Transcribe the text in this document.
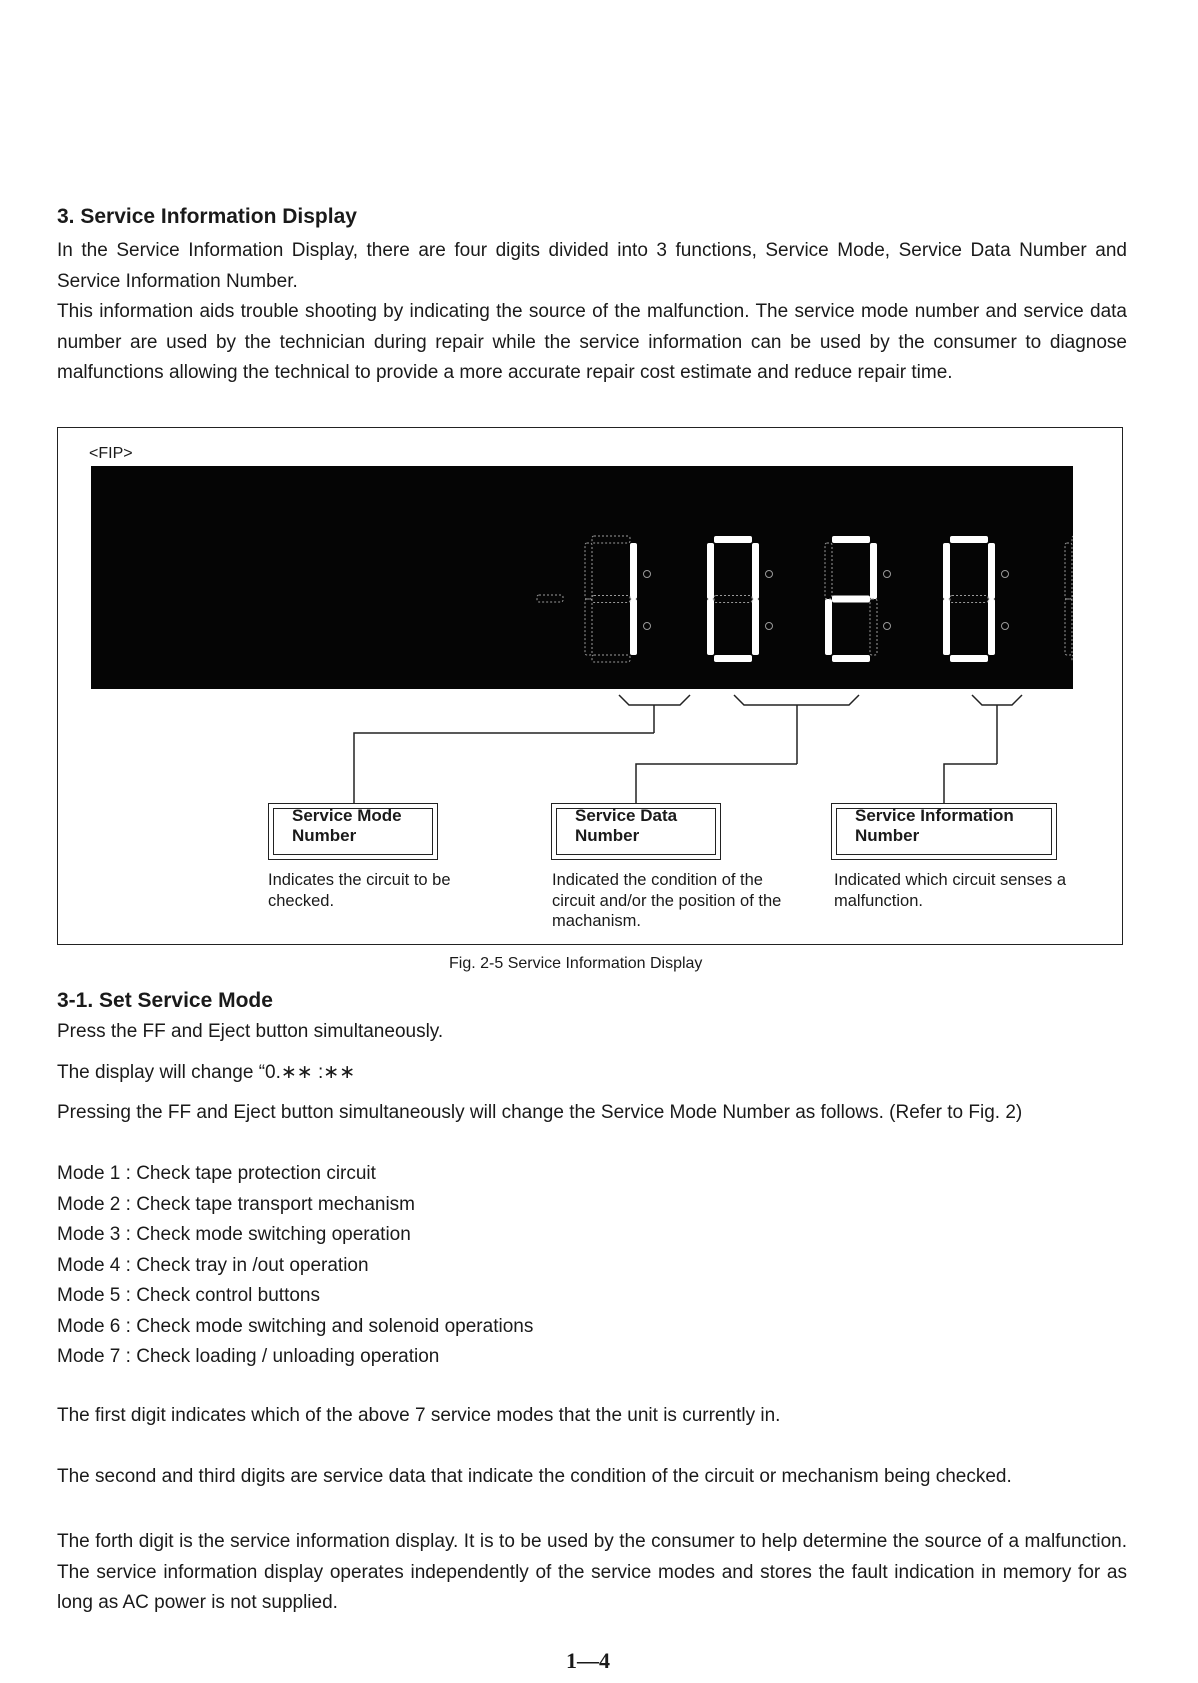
3. Service Information Display

In the Service Information Display, there are four digits divided into 3 functions, Service Mode, Service Data Number and Service Information Number.

This information aids trouble shooting by indicating the source of the malfunction. The service mode number and service data number are used by the technician during repair while the service information can be used by the consumer to diagnose malfunctions allowing the technical to provide a more accurate repair cost estimate and reduce repair time.

<FIP>
Service Mode Number
Indicates the circuit to be checked.
Service Data Number
Indicated the condition of the circuit and/or the position of the machanism.
Service Information Number
Indicated which circuit senses a malfunction.
Fig. 2-5 Service Information Display
3-1. Set Service Mode

Press the FF and Eject button simultaneously.

The display will change “0.∗∗ :∗∗

Pressing the FF and Eject button simultaneously will change the Service Mode Number as follows. (Refer to Fig. 2)

Mode 1 : Check tape protection circuit
Mode 2 : Check tape transport mechanism
Mode 3 : Check mode switching operation
Mode 4 : Check tray in /out operation
Mode 5 : Check control buttons
Mode 6 : Check mode switching and solenoid operations
Mode 7 : Check loading / unloading operation

The first digit indicates which of the above 7 service modes that the unit is currently in.

The second and third digits are service data that indicate the condition of the circuit or mechanism being checked.

The forth digit is the service information display. It is to be used by the consumer to help determine the source of a malfunction. The service information display operates independently of the service modes and stores the fault indication in memory for as long as AC power is not supplied.

1—4
